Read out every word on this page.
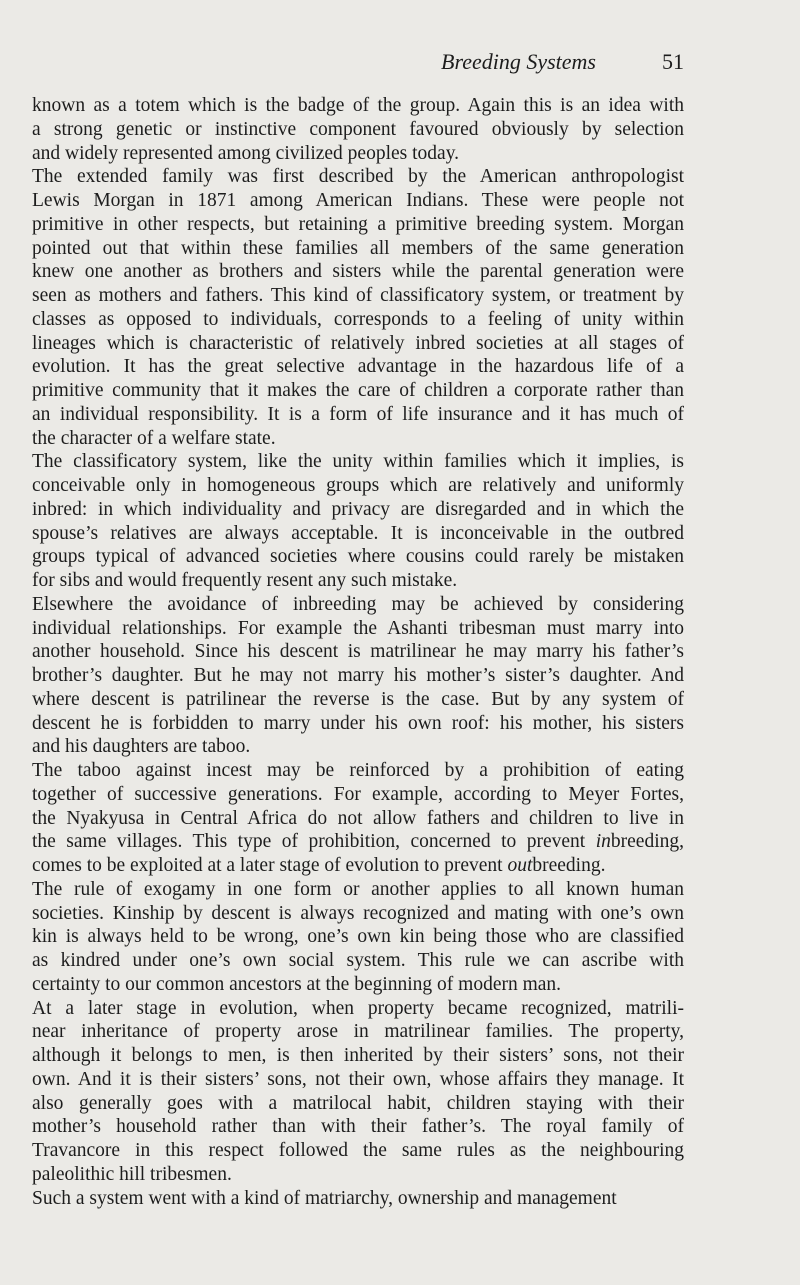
Breeding Systems	51

known as a totem which is the badge of the group. Again this is an idea with
a strong genetic or instinctive component favoured obviously by selection
and widely represented among civilized peoples today.

The extended family was first described by the American anthropologist
Lewis Morgan in 1871 among American Indians. These were people not
primitive in other respects, but retaining a primitive breeding system. Morgan
pointed out that within these families all members of the same generation
knew one another as brothers and sisters while the parental generation were
seen as mothers and fathers. This kind of classificatory system, or treatment by
classes as opposed to individuals, corresponds to a feeling of unity within
lineages which is characteristic of relatively inbred societies at all stages of
evolution. It has the great selective advantage in the hazardous life of a
primitive community that it makes the care of children a corporate rather than
an individual responsibility. It is a form of life insurance and it has much of
the character of a welfare state.

The classificatory system, like the unity within families which it implies, is
conceivable only in homogeneous groups which are relatively and uniformly
inbred: in which individuality and privacy are disregarded and in which the
spouse’s relatives are always acceptable. It is inconceivable in the outbred
groups typical of advanced societies where cousins could rarely be mistaken
for sibs and would frequently resent any such mistake.

Elsewhere the avoidance of inbreeding may be achieved by considering
individual relationships. For example the Ashanti tribesman must marry into
another household. Since his descent is matrilinear he may marry his father’s
brother’s daughter. But he may not marry his mother’s sister’s daughter. And
where descent is patrilinear the reverse is the case. But by any system of
descent he is forbidden to marry under his own roof: his mother, his sisters
and his daughters are taboo.

The taboo against incest may be reinforced by a prohibition of eating
together of successive generations. For example, according to Meyer Fortes,
the Nyakyusa in Central Africa do not allow fathers and children to live in
the same villages. This type of prohibition, concerned to prevent inbreeding,
comes to be exploited at a later stage of evolution to prevent outbreeding.

The rule of exogamy in one form or another applies to all known human
societies. Kinship by descent is always recognized and mating with one’s own
kin is always held to be wrong, one’s own kin being those who are classified
as kindred under one’s own social system. This rule we can ascribe with
certainty to our common ancestors at the beginning of modern man.

At a later stage in evolution, when property became recognized, matrili-
near inheritance of property arose in matrilinear families. The property,
although it belongs to men, is then inherited by their sisters’ sons, not their
own. And it is their sisters’ sons, not their own, whose affairs they manage. It
also generally goes with a matrilocal habit, children staying with their
mother’s household rather than with their father’s. The royal family of
Travancore in this respect followed the same rules as the neighbouring
paleolithic hill tribesmen.

Such a system went with a kind of matriarchy, ownership and management
